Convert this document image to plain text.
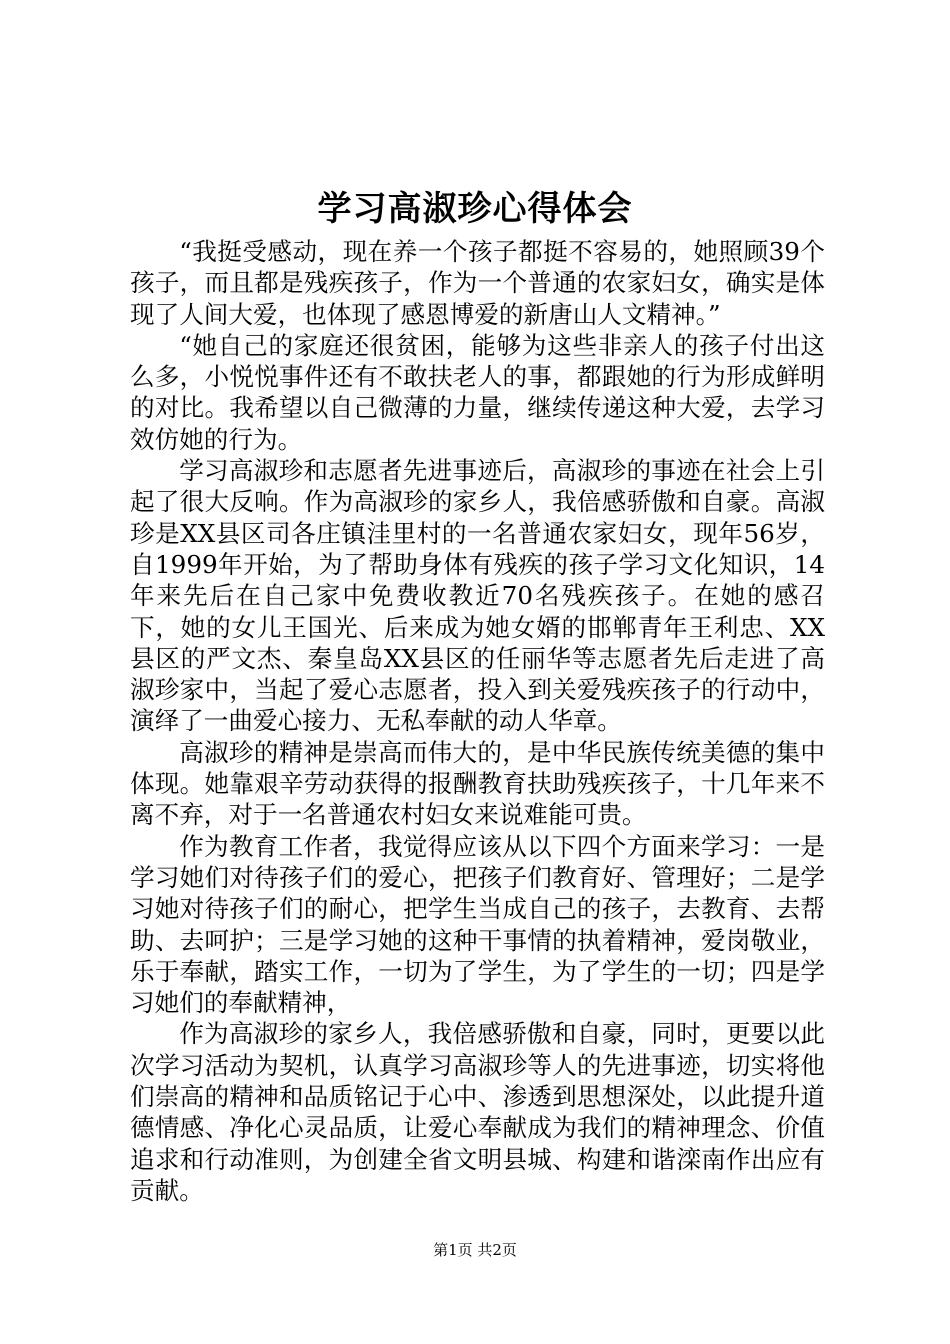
学习高淑珍心得体会

“我挺受感动，现在养一个孩子都挺不容易的，她照顾39个孩子，而且都是残疾孩子，作为一个普通的农家妇女，确实是体现了人间大爱，也体现了感恩博爱的新唐山人文精神。”

“她自己的家庭还很贫困，能够为这些非亲人的孩子付出这么多，小悦悦事件还有不敢扶老人的事，都跟她的行为形成鲜明的对比。我希望以自己微薄的力量，继续传递这种大爱，去学习效仿她的行为。

学习高淑珍和志愿者先进事迹后，高淑珍的事迹在社会上引起了很大反响。作为高淑珍的家乡人，我倍感骄傲和自豪。高淑珍是XX县区司各庄镇洼里村的一名普通农家妇女，现年56岁，自1999年开始，为了帮助身体有残疾的孩子学习文化知识，14年来先后在自己家中免费收教近70名残疾孩子。在她的感召下，她的女儿王国光、后来成为她女婿的邯郸青年王利忠、XX县区的严文杰、秦皇岛XX县区的任丽华等志愿者先后走进了高淑珍家中，当起了爱心志愿者，投入到关爱残疾孩子的行动中，演绎了一曲爱心接力、无私奉献的动人华章。

高淑珍的精神是崇高而伟大的，是中华民族传统美德的集中体现。她靠艰辛劳动获得的报酬教育扶助残疾孩子，十几年来不离不弃，对于一名普通农村妇女来说难能可贵。

作为教育工作者，我觉得应该从以下四个方面来学习：一是学习她们对待孩子们的爱心，把孩子们教育好、管理好；二是学习她对待孩子们的耐心，把学生当成自己的孩子，去教育、去帮助、去呵护；三是学习她的这种干事情的执着精神，爱岗敬业，乐于奉献，踏实工作，一切为了学生，为了学生的一切；四是学习她们的奉献精神，

作为高淑珍的家乡人，我倍感骄傲和自豪，同时，更要以此次学习活动为契机，认真学习高淑珍等人的先进事迹，切实将他们崇高的精神和品质铭记于心中、渗透到思想深处，以此提升道德情感、净化心灵品质，让爱心奉献成为我们的精神理念、价值追求和行动准则，为创建全省文明县城、构建和谐滦南作出应有贡献。

第1页 共2页
